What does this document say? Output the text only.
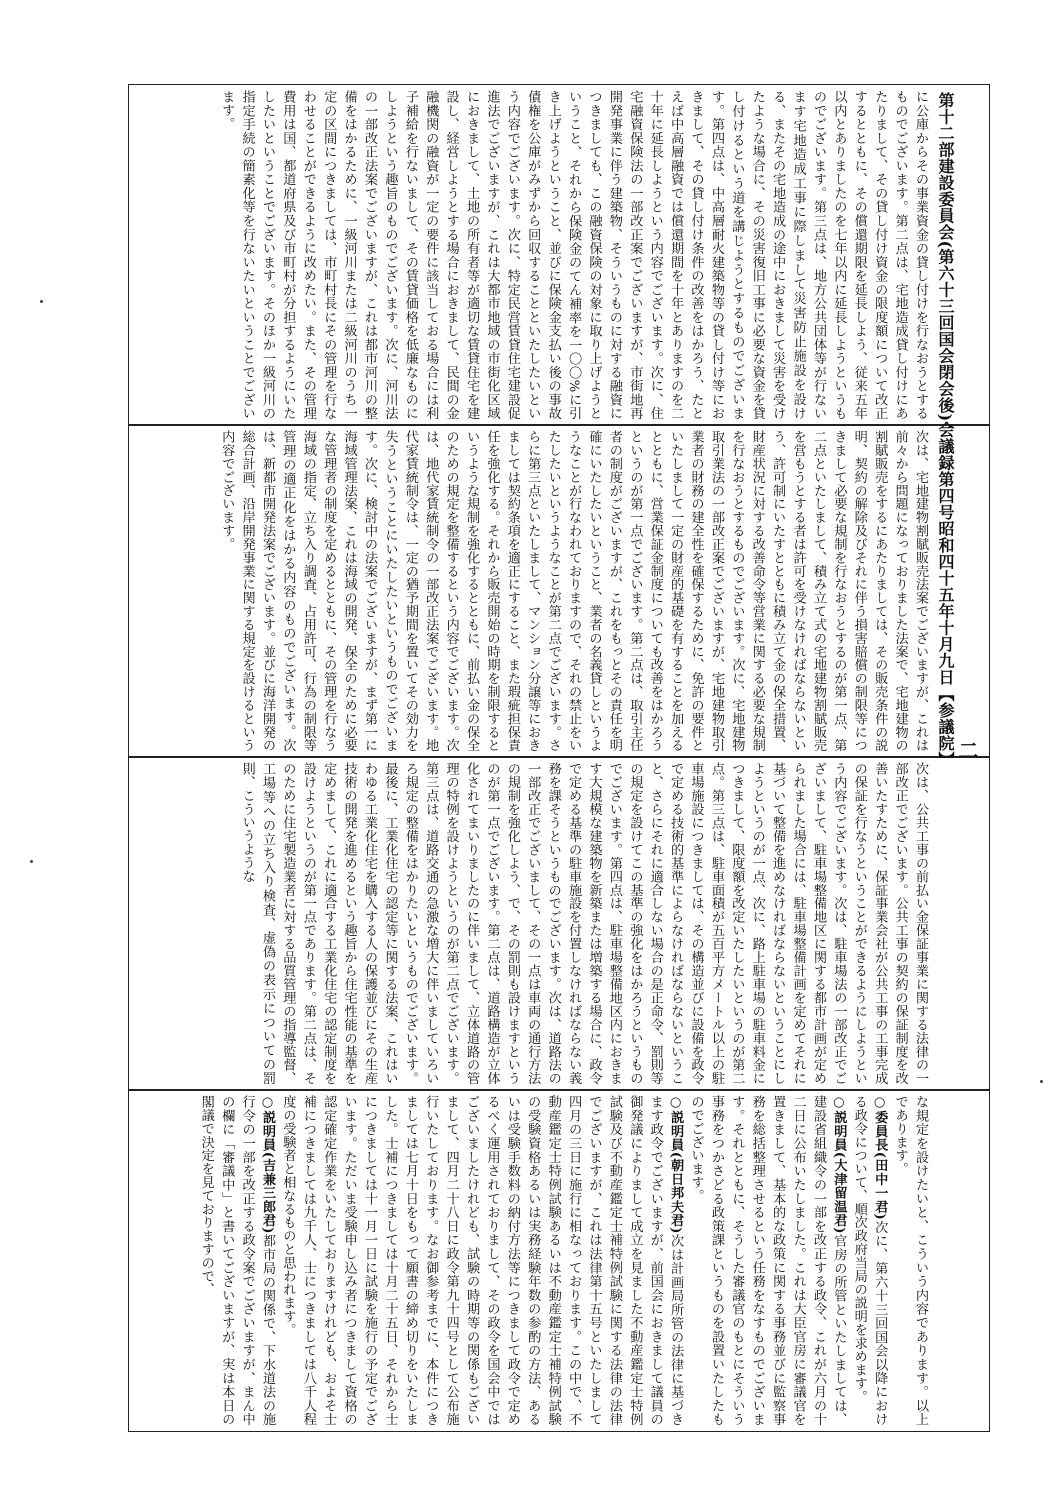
第十二部建設委員会(第六十三回国会閉会後)会議録第四号昭和四十五年十月九日【参議院】 二

に公庫からその事業資金の貸し付けを行なおうとするものでございます。第二点は、宅地造成貸し付けにあたりまして、その貸し付け資金の限度額について改正するとともに、その償還期限を延長しよう、従来五年以内とありましたのを七年以内に延長しようというものでございます。第三点は、地方公共団体等が行ないます宅地造成工事に際しまして災害防止施設を設ける、またその宅地造成の途中におきまして災害を受けたような場合に、その災害復旧工事に必要な資金を貸し付けるという道を講じようとするものでございます。第四点は、中高層耐火建築物等の貸し付け等におきまして、その貸し付け条件の改善をはかろう、たとえば中高層融資では償還期間を十年とありますのを二十年に延長しようという内容でございます。次に、住宅融資保険法の一部改正案でございますが、市街地再開発事業に伴う建築物、そういうものに対する融資につきましても、この融資保険の対象に取り上げようということ、それから保険金のてん補率を一〇〇%に引き上げようということ、並びに保険金支払い後の事故債権を公庫がみずから回収することといたしたいという内容でございます。次に、特定民営賃貸住宅建設促進法でございますが、これは大都市地域の市街化区域におきまして、土地の所有者等が適切な賃貸住宅を建設し、経営しようとする場合におきまして、民間の金融機関の融資が一定の要件に該当しておる場合には利子補給を行ないまして、その賃貸価格を低廉なものにしようという趣旨のものでございます。次に、河川法の一部改正法案でございますが、これは都市河川の整備をはかるために、一級河川または二級河川のうち一定の区間につきましては、市町村長にその管理を行なわせることができるように改めたい。また、その管理費用は国、都道府県及び市町村が分担するようにいたしたいということでございます。そのほか一級河川の指定手続の簡素化等を行ないたいということでございます。

次は、宅地建物割賦販売法案でございますが、これは前々から問題になっておりました法案で、宅地建物の割賦販売をするにあたりましては、その販売条件の説明、契約の解除及びそれに伴う損害賠償の制限等につきまして必要な規制を行なおうとするのが第一点、第二点といたしまして、積み立て式の宅地建物割賦販売を営もうとする者は許可を受けなければならないという、許可制にいたすとともに積み立て金の保全措置、財産状況に対する改善命令等営業に関する必要な規制を行なおうとするものでございます。次に、宅地建物取引業法の一部改正案でございますが、宅地建物取引業者の財務の建全性を確保するために、免許の要件といたしまして一定の財産的基礎を有することを加えるとともに、営業保証金制度についても改善をはかろうというのが第一点でございます。第二点は、取引主任者の制度がございますが、これをもっとその責任を明確にいたしたいということ、業者の名義貸しというようなことが行なわれておりますので、それの禁止をいたしたいというようなことが第二点でございます。さらに第三点といたしまして、マンション分譲等におきましては契約条項を適正にすること、また瑕疵担保責任を強化する。それから販売開始の時期を制限するというような規制を強化するとともに、前払い金の保全のための規定を整備するという内容でございます。次は、地代家賃統制令の一部改正法案でございます。地代家賃統制令は、一定の猶予期間を置いてその効力を失うということにいたしたいというものでございます。次に、検討中の法案でございますが、まず第一に海域管理法案、これは海域の開発、保全のために必要な管理者の制度を定めるとともに、その管理を行なう海域の指定、立ち入り調査、占用許可、行為の制限等管理の適正化をはかる内容のものでございます。次は、新都市開発法案でございます。並びに海洋開発の総合計画、沿岸開発事業に関する規定を設けるという内容でございます。

次は、公共工事の前払い金保証事業に関する法律の一部改正でございます。公共工事の契約の保証制度を改善いたすために、保証事業会社が公共工事の工事完成の保証を行なうということができるようにしようという内容でございます。次は、駐車場法の一部改正でございまして、駐車場整備地区に関する都市計画が定められました場合には、駐車場整備計画を定めてそれに基づいて整備を進めなければならないということにしようというのが一点、次に、路上駐車場の駐車料金につきまして、限度額を改定いたしたいというのが第二点。第三点は、駐車面積が五百平方メートル以上の駐車場施設につきましては、その構造並びに設備を政令で定める技術的基準によらなければならないということ、さらにそれに適合しない場合の是正命令、罰則等の規定を設けてこの基準の強化をはかろうというものでございます。第四点は、駐車場整備地区内におきます大規模な建築物を新築または増築する場合に、政令で定める基準の駐車施設を付置しなければならない義務を課そうというものでございます。次は、道路法の一部改正でございまして、その一点は車両の通行方法の規制を強化しよう、で、その罰則も設けますというのが第一点でございます。第二点は、道路構造が立体化されてまいりましたのに伴いまして、立体道路の管理の特例を設けようというのが第二点でございます。第三点は、道路交通の急激な増大に伴いましていろいろ規定の整備をはかりたいというものでございます。最後に、工業化住宅の認定等に関する法案、これはいわゆる工業化住宅を購入する人の保護並びにその生産技術の開発を進めるという趣旨から住宅性能の基準を定めまして、これに適合する工業化住宅の認定制度を設けようというのが第一点であります。第二点は、そのために住宅製造業者に対する品質管理の指導監督、工場等への立ち入り検査、虚偽の表示についての罰則、こういうような

な規定を設けたいと、こういう内容であります。以上であります。
○委員長(田中一君)次に、第六十三回国会以降における政令について、順次政府当局の説明を求めます。
○説明員(大津留温君)官房の所管といたしましては、建設省組織令の一部を改正する政令、これが六月の十二日に公布いたしました。これは大臣官房に審議官を置きまして、基本的な政策に関する事務並びに監察事務を総括整理させるという任務をなすものでございます。それとともに、そうした審議官のもとにそういう事務をつかさどる政策課というものを設置いたしたものでございます。
○説明員(朝日邦夫君)次は計画局所管の法律に基づきます政令でございますが、前国会におきまして議員の御発議によりまして成立を見ました不動産鑑定士特例試験及び不動産鑑定士補特例試験に関する法律の法律でございますが、これは法律第十五号といたしまして四月の三日に施行に相なっております。この中で、不動産鑑定士特例試験あるいは不動産鑑定士補特例試験の受験資格あるいは実務経験年数の参酌の方法、あるいは受験手数料の納付方法等につきまして政令で定めるべく運用されておりまして、その政令を国会中ではございましたけれども、試験の時期等の関係もございまして、四月二十八日に政令第九十四号として公布施行いたしております。なお御参考までに、本件につきましては七月十日をもって願書の締め切りをいたしました。士補につきましては十月二十五日、それから士につきましては十一月一日に試験を施行の予定でございます。ただいま受験申し込み者につきまして資格の認定確定作業をいたしておりますけれども、およそ士補につきましては九千人、士につきましては八千人程度の受験者と相なるものと思われます。
○説明員(吉兼三郎君)都市局の関係で、下水道法の施行令の一部を改正する政令案でございますが、まん中の欄に「審議中」と書いてございますが、実は本日の閣議で決定を見ておりますので、
